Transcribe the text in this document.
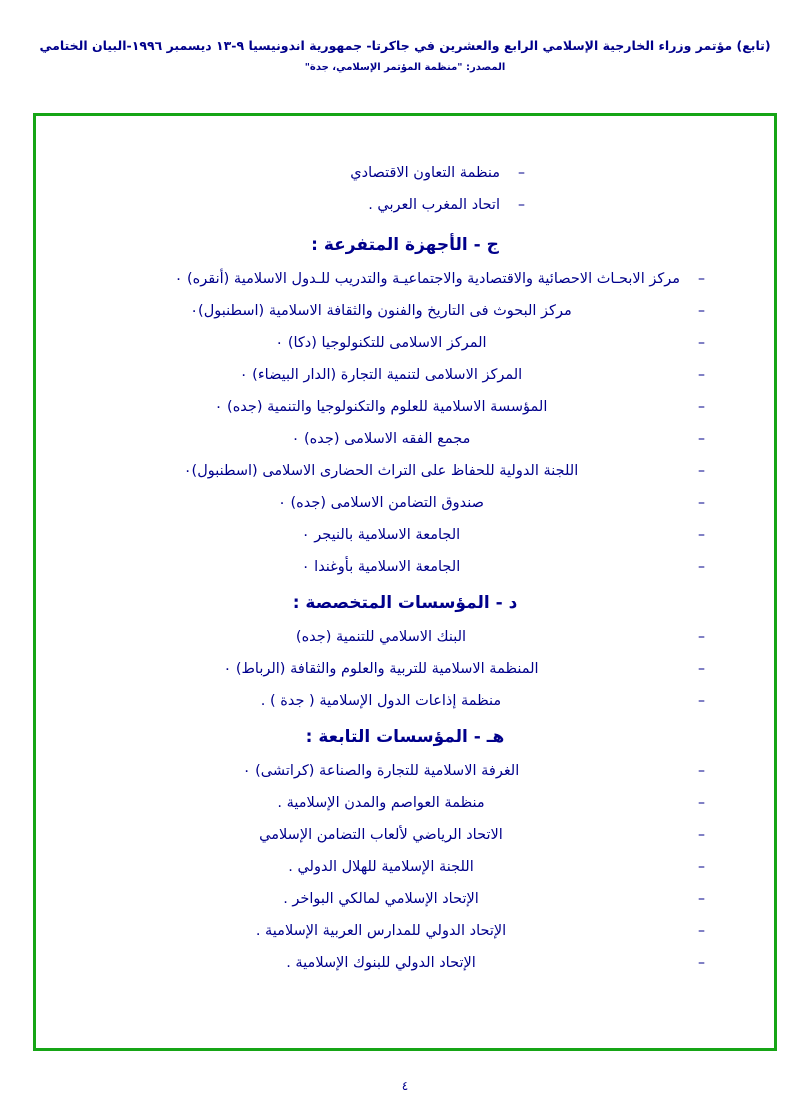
(تابع) مؤتمر وزراء الخارجية الإسلامي الرابع والعشرين في جاكرتا- جمهورية اندونيسيا ٩-١٣ ديسمبر ١٩٩٦-البيان الختامي
المصدر: "منظمة المؤتمر الإسلامي، جدة"
–
منظمة التعاون الاقتصادي
–
اتحاد المغرب العربي .
ج - الأجهزة المتفرعة :
–
مركز الابحـاث الاحصائية والاقتصادية والاجتماعيـة والتدريب للـدول الاسلامية (أنقره) ٠
–
مركز البحوث فى التاريخ والفنون والثقافة الاسلامية (اسطنبول)٠
–
المركز الاسلامى للتكنولوجيا (دكا) ٠
–
المركز الاسلامى لتنمية التجارة (الدار البيضاء) ٠
–
المؤسسة الاسلامية للعلوم والتكنولوجيا والتنمية (جده) ٠
–
مجمع الفقه الاسلامى (جده) ٠
–
اللجنة الدولية للحفاظ على التراث الحضارى الاسلامى (اسطنبول)٠
–
صندوق التضامن الاسلامى (جده) ٠
–
الجامعة الاسلامية بالنيجر ٠
–
الجامعة الاسلامية بأوغندا ٠
د - المؤسسات المتخصصة :
–
البنك الاسلامي للتنمية (جده)
–
المنظمة الاسلامية للتربية والعلوم والثقافة (الرباط) ٠
–
منظمة إذاعات الدول الإسلامية ( جدة ) .
هـ - المؤسسات التابعة :
–
الغرفة الاسلامية للتجارة والصناعة (كراتشى) ٠
–
منظمة العواصم والمدن الإسلامية .
–
الاتحاد الرياضي لألعاب التضامن الإسلامي
–
اللجنة الإسلامية للهلال الدولي .
–
الإتحاد الإسلامي لمالكي البواخر .
–
الإتحاد الدولي للمدارس العربية الإسلامية .
–
الإتحاد الدولي للبنوك الإسلامية .
٤
